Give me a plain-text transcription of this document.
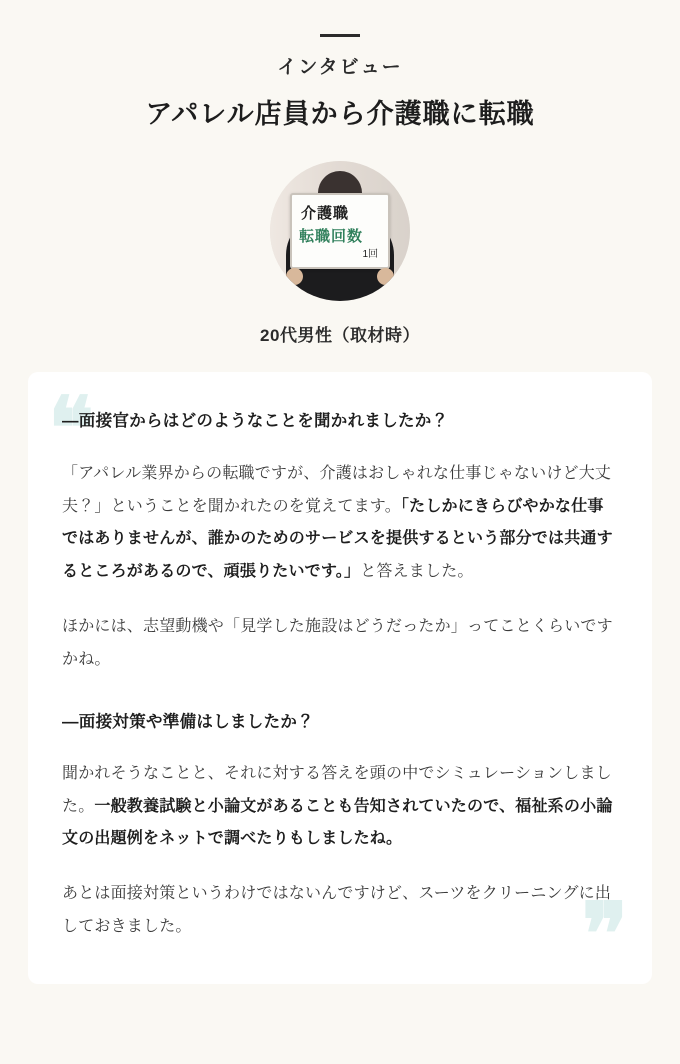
インタビュー
アパレル店員から介護職に転職
介護職
転職回数
1回
20代男性（取材時）
❝
❞
―面接官からはどのようなことを聞かれましたか？

「アパレル業界からの転職ですが、介護はおしゃれな仕事じゃないけど大丈夫？」ということを聞かれたのを覚えてます。「たしかにきらびやかな仕事ではありませんが、誰かのためのサービスを提供するという部分では共通するところがあるので、頑張りたいです。」と答えました。

ほかには、志望動機や「見学した施設はどうだったか」ってことくらいですかね。

―面接対策や準備はしましたか？

聞かれそうなことと、それに対する答えを頭の中でシミュレーションしました。一般教養試験と小論文があることも告知されていたので、福祉系の小論文の出題例をネットで調べたりもしましたね。

あとは面接対策というわけではないんですけど、スーツをクリーニングに出しておきました。
